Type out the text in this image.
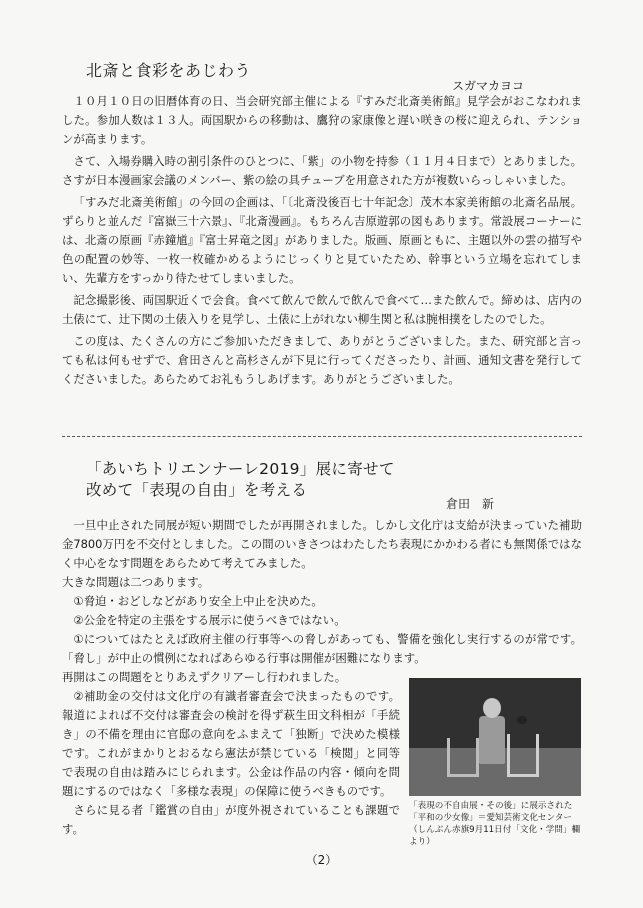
北斎と食彩をあじわう
スガマカヨコ

１０月１０日の旧暦体育の日、当会研究部主催による『すみだ北斎美術館』見学会がおこなわれました。参加人数は１３人。両国駅からの移動は、鷹狩の家康像と遅い咲きの桜に迎えられ、テンションが高まります。

さて、入場券購入時の割引条件のひとつに、「紫」の小物を持参（１１月４日まで）とありました。さすが日本漫画家会議のメンバー、紫の絵の具チューブを用意された方が複数いらっしゃいました。

「すみだ北斎美術館」の今回の企画は、「〔北斎没後百七十年記念〕茂木本家美術館の北斎名品展。ずらりと並んだ『富嶽三十六景』、『北斎漫画』。もちろん吉原遊郭の図もあります。常設展コーナーには、北斎の原画『赤鐘馗』『富士昇竜之図』がありました。版画、原画ともに、主題以外の雲の描写や色の配置の妙等、一枚一枚確かめるようにじっくりと見ていたため、幹事という立場を忘れてしまい、先輩方をすっかり待たせてしまいました。

記念撮影後、両国駅近くで会食。食べて飲んで飲んで飲んで食べて…また飲んで。締めは、店内の土俵にて、辻下関の土俵入りを見学し、土俵に上がれない柳生関と私は腕相撲をしたのでした。

この度は、たくさんの方にご参加いただきまして、ありがとうございました。また、研究部と言っても私は何もせずで、倉田さんと高杉さんが下見に行ってくださったり、計画、通知文書を発行してくださいました。あらためてお礼もうしあげます。ありがとうございました。

「あいちトリエンナーレ2019」展に寄せて
改めて「表現の自由」を考える
倉田　新

一旦中止された同展が短い期間でしたが再開されました。しかし文化庁は支給が決まっていた補助金7800万円を不交付としました。この間のいきさつはわたしたち表現にかかわる者にも無関係ではなく中心をなす問題をあらためて考えてみました。

大きな問題は二つあります。

①脅迫・おどしなどがあり安全上中止を決めた。

②公金を特定の主張をする展示に使うべきではない。

①についてはたとえば政府主催の行事等への脅しがあっても、警備を強化し実行するのが常です。「脅し」が中止の慣例になればあらゆる行事は開催が困難になります。

再開はこの問題をとりあえずクリアーし行われました。

②補助金の交付は文化庁の有識者審査会で決まったものです。報道によれば不交付は審査会の検討を得ず萩生田文科相が「手続き」の不備を理由に官邸の意向をふまえて「独断」で決めた模様です。これがまかりとおるなら憲法が禁じている「検閲」と同等で表現の自由は踏みにじられます。公金は作品の内容・傾向を問題にするのではなく「多様な表現」の保障に使うべきものです。

さらに見る者「鑑賞の自由」が度外視されていることも課題です。

「表現の不自由展・その後」に展示された「平和の少女像」＝愛知芸術文化センター（しんぶん赤旗9月11日付「文化・学問」欄より）
（2）
